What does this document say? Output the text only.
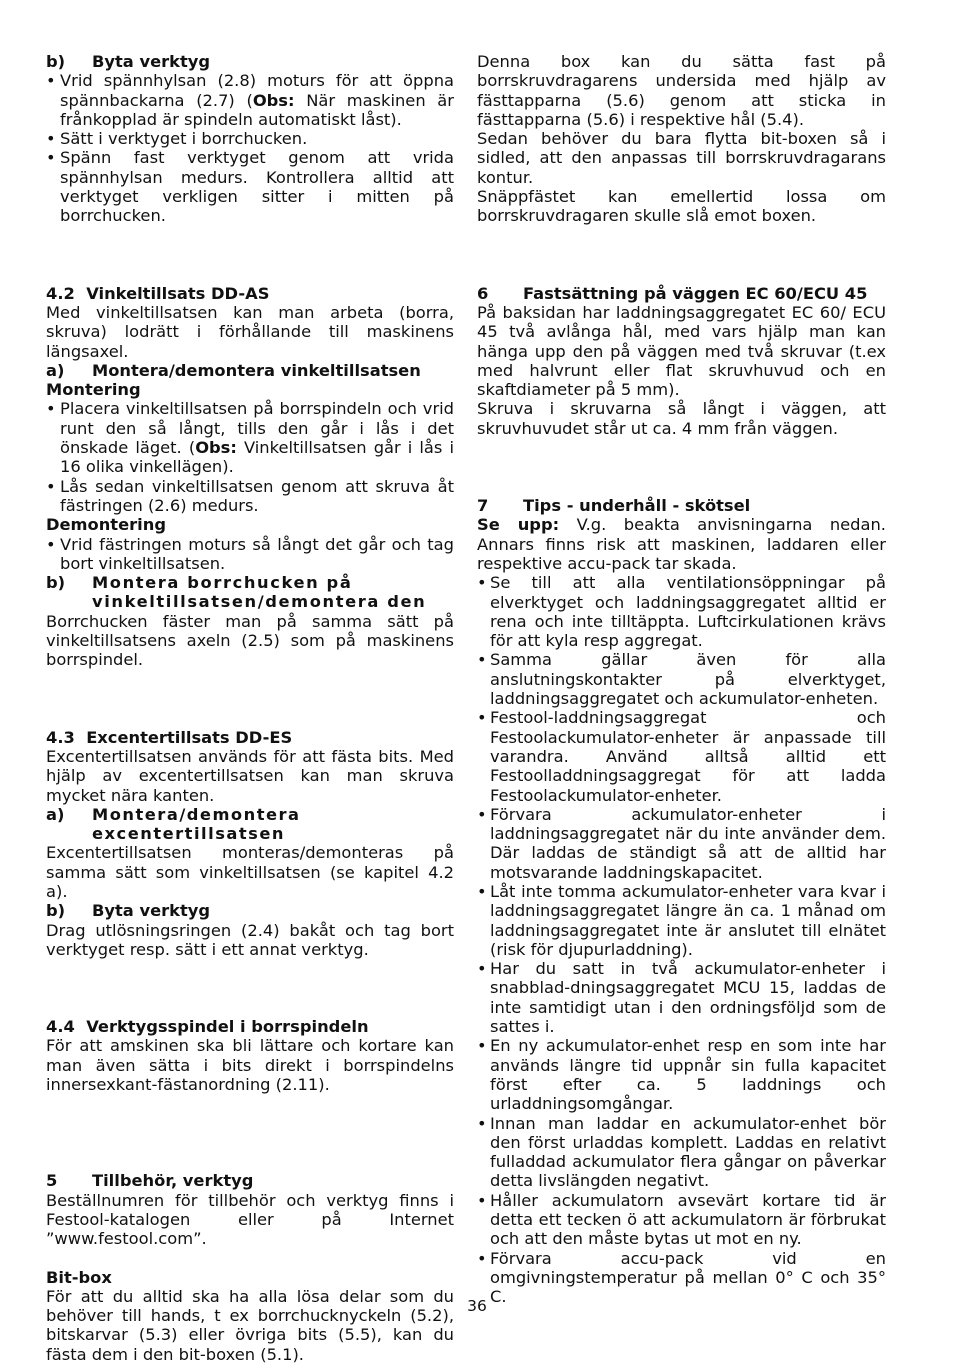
b) Byta verktyg
• Vrid spännhylsan (2.8) moturs för att öppna spännbackarna (2.7) (Obs: När maskinen är frånkopplad är spindeln automatiskt låst).
• Sätt i verktyget i borrchucken.
• Spänn fast verktyget genom att vrida spännhylsan medurs. Kontrollera alltid att verktyget verkligen sitter i mitten på borrchucken.
4.2 Vinkeltillsats DD-AS

Med vinkeltillsatsen kan man arbeta (borra, skruva) lodrätt i förhållande till maskinens längsaxel.

a) Montera/demontera vinkeltillsatsen
Montering
• Placera vinkeltillsatsen på borrspindeln och vrid runt den så långt, tills den går i lås i det önskade läget. (Obs: Vinkeltillsatsen går i lås i 16 olika vinkellägen).
• Lås sedan vinkeltillsatsen genom att skruva åt fästringen (2.6) medurs.
Demontering
• Vrid fästringen moturs så långt det går och tag bort vinkeltillsatsen.
b)	Montera borrchucken på vinkeltillsatsen/demontera den

Borrchucken fäster man på samma sätt på vinkeltillsatsens axeln (2.5) som på maskinens borrspindel.

4.3 Excentertillsats DD-ES

Excentertillsatsen används för att fästa bits. Med hjälp av excentertillsatsen kan man skruva mycket nära kanten.

a)	Montera/demontera excentertillsatsen

Excentertillsatsen monteras/demonteras på samma sätt som vinkeltillsatsen (se kapitel 4.2 a).

b) Byta verktyg

Drag utlösningsringen (2.4) bakåt och tag bort verktyget resp. sätt i ett annat verktyg.

4.4 Verktygsspindel i borrspindeln

För att amskinen ska bli lättare och kortare kan man även sätta i bits direkt i borrspindelns innersexkant-fästanordning (2.11).

5 Tillbehör, verktyg

Beställnumren för tillbehör och verktyg finns i Festool-katalogen eller på Internet ”www.festool.com”.

Bit-box

För att du alltid ska ha alla lösa delar som du behöver till hands, t ex borrchucknyckeln (5.2), bitskarvar (5.3) eller övriga bits (5.5), kan du fästa dem i den bit-boxen (5.1).

Denna box kan du sätta fast på borrskruvdragarens undersida med hjälp av fästtapparna (5.6) genom att sticka in fästtapparna (5.6) i respektive hål (5.4).

Sedan behöver du bara flytta bit-boxen så i sidled, att den anpassas till borrskruvdragarans kontur.

Snäppfästet kan emellertid lossa om borrskruvdragaren skulle slå emot boxen.

6 Fastsättning på väggen EC 60/ECU 45

På baksidan har laddningsaggregatet EC 60/ ECU 45 två avlånga hål, med vars hjälp man kan hänga upp den på väggen med två skruvar (t.ex med halvrunt eller flat skruvhuvud och en skaftdiameter på 5 mm).

Skruva i skruvarna så långt i väggen, att skruvhuvudet står ut ca. 4 mm från väggen.

7 Tips - underhåll - skötsel

Se upp: V.g. beakta anvisningarna nedan. Annars finns risk att maskinen, laddaren eller respektive accu-pack tar skada.

• Se till att alla ventilationsöppningar på elverktyget och laddningsaggregatet alltid er rena och inte tilltäppta. Luftcirkulationen krävs för att kyla resp aggregat.
• Samma gällar även för alla anslutningskontakter på elverktyget, laddningsaggregatet och ackumulator-enheten.
• Festool-laddningsaggregat och Festoolackumulator-enheter är anpassade till varandra. Använd alltså alltid ett Festoolladdningsaggregat för att ladda Festoolackumulator-enheter.
• Förvara ackumulator-enheter i laddningsaggregatet när du inte använder dem. Där laddas de ständigt så att de alltid har motsvarande laddningskapacitet.
• Låt inte tomma ackumulator-enheter vara kvar i laddningsaggregatet längre än ca. 1 månad om laddningsaggregatet inte är anslutet till elnätet (risk för djupurladdning).
• Har du satt in två ackumulator-enheter i snabblad-dningsaggregatet MCU 15, laddas de inte samtidigt utan i den ordningsföljd som de sattes i.
• En ny ackumulator-enhet resp en som inte har används längre tid uppnår sin fulla kapacitet först efter ca. 5 laddnings och urladdningsomgångar.
• Innan man laddar en ackumulator-enhet bör den först urladdas komplett. Laddas en relativt fulladdad ackumulator flera gångar on påverkar detta livslängden negativt.
• Håller ackumulatorn avsevärt kortare tid är detta ett tecken ö att ackumulatorn är förbrukat och att den måste bytas ut mot en ny.
• Förvara accu-pack vid en omgivningstemperatur på mellan 0° C och 35° C.
36
